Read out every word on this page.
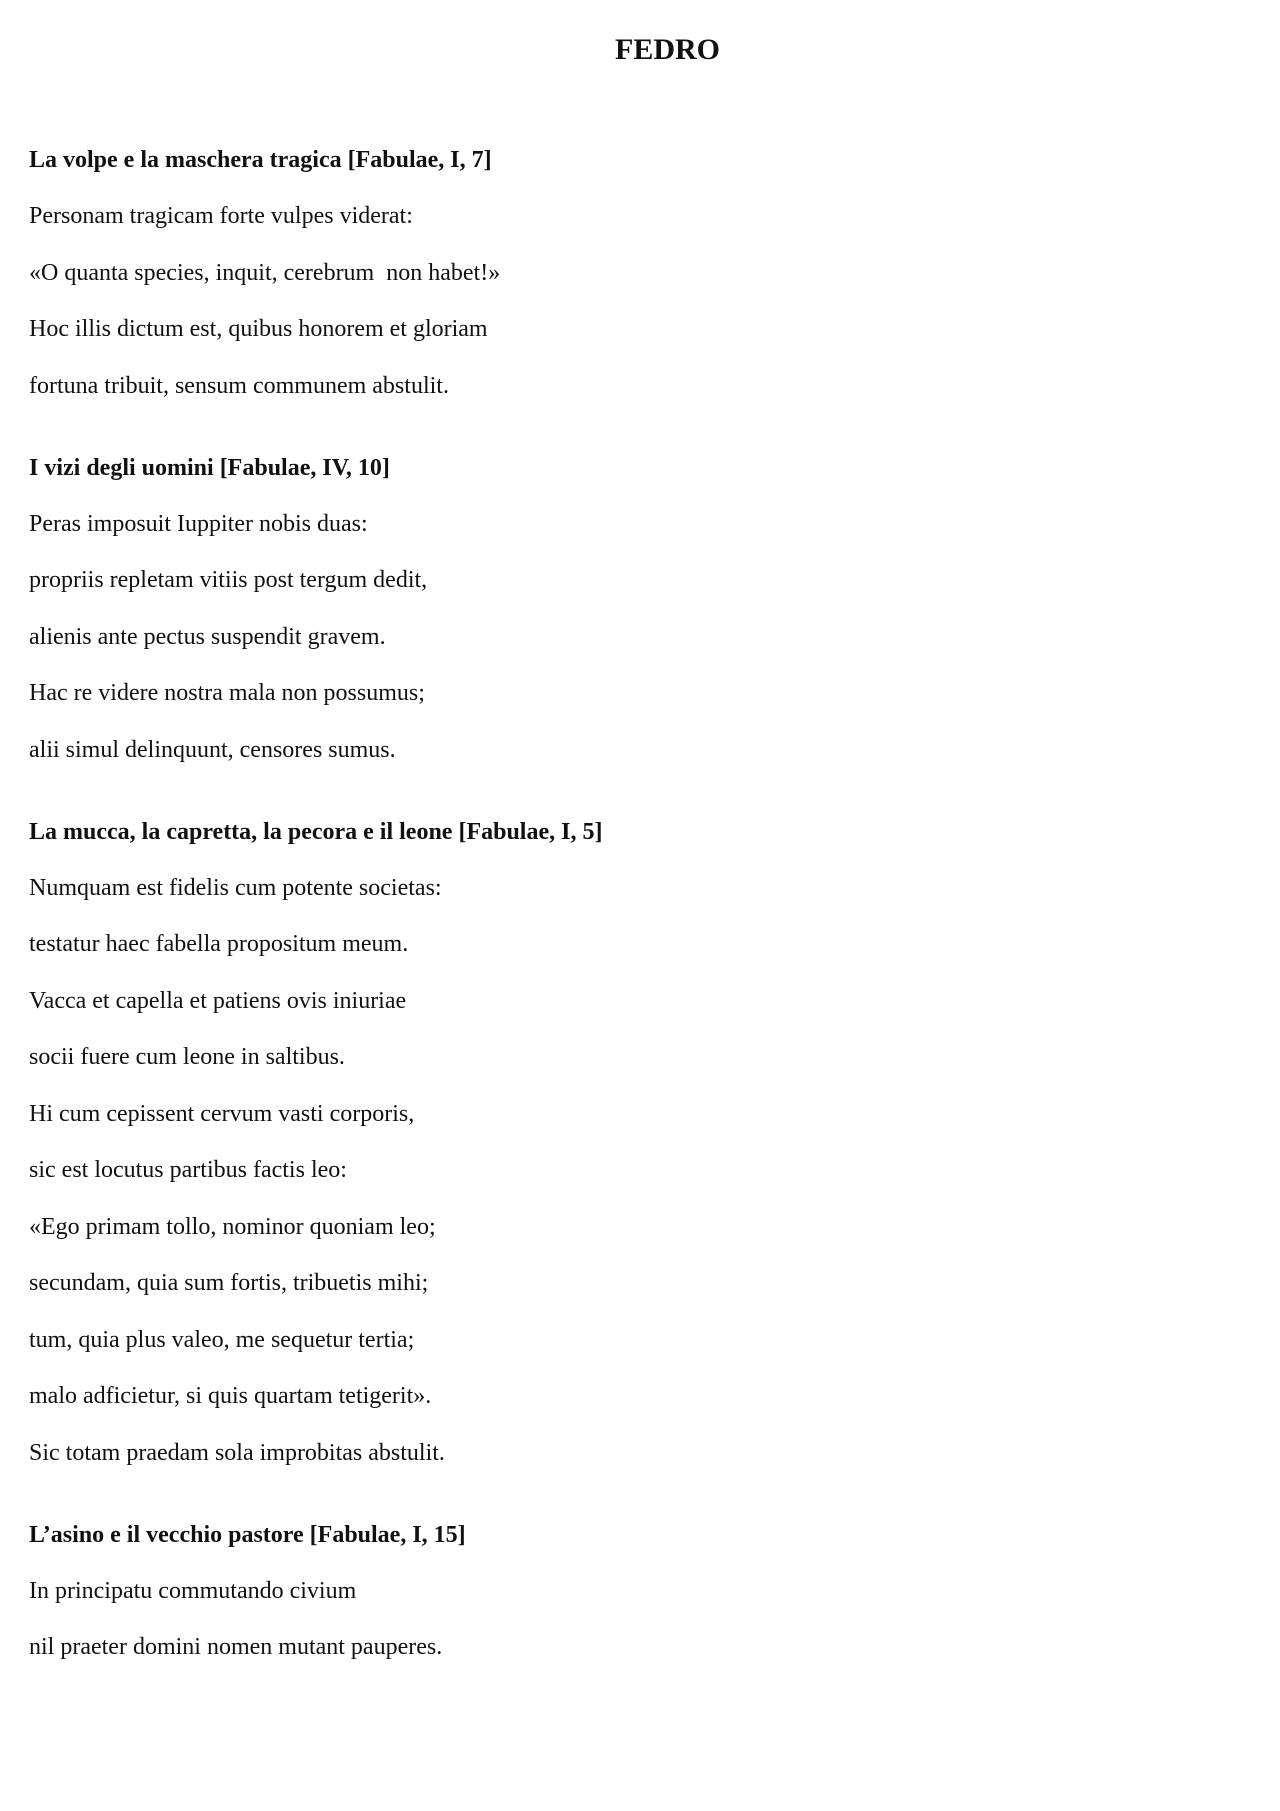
FEDRO
La volpe e la maschera tragica [Fabulae, I, 7]
Personam tragicam forte vulpes viderat:
«O quanta species, inquit, cerebrum  non habet!»
Hoc illis dictum est, quibus honorem et gloriam
fortuna tribuit, sensum communem abstulit.
I vizi degli uomini [Fabulae, IV, 10]
Peras imposuit Iuppiter nobis duas:
propriis repletam vitiis post tergum dedit,
alienis ante pectus suspendit gravem.
Hac re videre nostra mala non possumus;
alii simul delinquunt, censores sumus.
La mucca, la capretta, la pecora e il leone [Fabulae, I, 5]
Numquam est fidelis cum potente societas:
testatur haec fabella propositum meum.
Vacca et capella et patiens ovis iniuriae
socii fuere cum leone in saltibus.
Hi cum cepissent cervum vasti corporis,
sic est locutus partibus factis leo:
«Ego primam tollo, nominor quoniam leo;
secundam, quia sum fortis, tribuetis mihi;
tum, quia plus valeo, me sequetur tertia;
malo adficietur, si quis quartam tetigerit».
Sic totam praedam sola improbitas abstulit.
L’asino e il vecchio pastore [Fabulae, I, 15]
In principatu commutando civium
nil praeter domini nomen mutant pauperes.
